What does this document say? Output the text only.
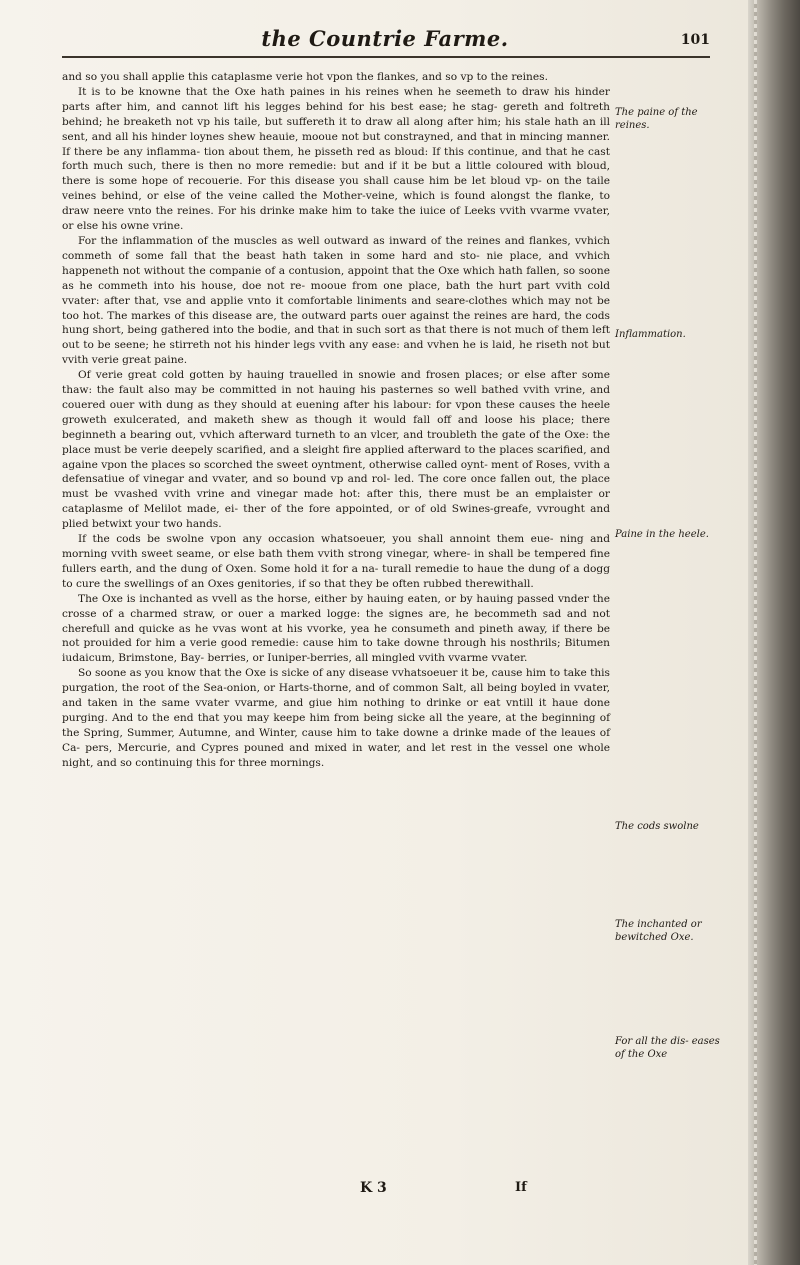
the Countrie Farme.	101

and so you shall applie this cataplasme verie hot vpon the flankes, and so vp to the reines.

It is to be knowne that the Oxe hath paines in his reines when he seemeth to draw his hinder parts after him, and cannot lift his legges behind for his best ease; he stag- gereth and foltreth behind; he breaketh not vp his taile, but suffereth it to draw all along after him; his stale hath an ill sent, and all his hinder loynes shew heauie, mooue not but constrayned, and that in mincing manner. If there be any inflamma- tion about them, he pisseth red as bloud: If this continue, and that he cast forth much such, there is then no more remedie: but and if it be but a little coloured with bloud, there is some hope of recouerie. For this disease you shall cause him be let bloud vp- on the taile veines behind, or else of the veine called the Mother-veine, which is found alongst the flanke, to draw neere vnto the reines. For his drinke make him to take the iuice of Leeks vvith vvarme vvater, or else his owne vrine.

For the inflammation of the muscles as well outward as inward of the reines and flankes, vvhich commeth of some fall that the beast hath taken in some hard and sto- nie place, and vvhich happeneth not without the companie of a contusion, appoint that the Oxe which hath fallen, so soone as he commeth into his house, doe not re- mooue from one place, bath the hurt part vvith cold vvater: after that, vse and applie vnto it comfortable liniments and seare-clothes which may not be too hot. The markes of this disease are, the outward parts ouer against the reines are hard, the cods hung short, being gathered into the bodie, and that in such sort as that there is not much of them left out to be seene; he stirreth not his hinder legs vvith any ease: and vvhen he is laid, he riseth not but vvith verie great paine.

Of verie great cold gotten by hauing trauelled in snowie and frosen places; or else after some thaw: the fault also may be committed in not hauing his pasternes so well bathed vvith vrine, and couered ouer with dung as they should at euening after his labour: for vpon these causes the heele groweth exulcerated, and maketh shew as though it would fall off and loose his place; there beginneth a bearing out, vvhich afterward turneth to an vlcer, and troubleth the gate of the Oxe: the place must be verie deepely scarified, and a sleight fire applied afterward to the places scarified, and againe vpon the places so scorched the sweet oyntment, otherwise called oynt- ment of Roses, vvith a defensatiue of vinegar and vvater, and so bound vp and rol- led. The core once fallen out, the place must be vvashed vvith vrine and vinegar made hot: after this, there must be an emplaister or cataplasme of Melilot made, ei- ther of the fore appointed, or of old Swines-greafe, vvrought and plied betwixt your two hands.

If the cods be swolne vpon any occasion whatsoeuer, you shall annoint them eue- ning and morning vvith sweet seame, or else bath them vvith strong vinegar, where- in shall be tempered fine fullers earth, and the dung of Oxen. Some hold it for a na- turall remedie to haue the dung of a dogg to cure the swellings of an Oxes genitories, if so that they be often rubbed therewithall.

The Oxe is inchanted as vvell as the horse, either by hauing eaten, or by hauing passed vnder the crosse of a charmed straw, or ouer a marked logge: the signes are, he becommeth sad and not cherefull and quicke as he vvas wont at his vvorke, yea he consumeth and pineth away, if there be not prouided for him a verie good remedie: cause him to take downe through his nosthrils; Bitumen iudaicum, Brimstone, Bay- berries, or Iuniper-berries, all mingled vvith vvarme vvater.

So soone as you know that the Oxe is sicke of any disease vvhatsoeuer it be, cause him to take this purgation, the root of the Sea-onion, or Harts-thorne, and of common Salt, all being boyled in vvater, and taken in the same vvater vvarme, and giue him nothing to drinke or eat vntill it haue done purging. And to the end that you may keepe him from being sicke all the yeare, at the beginning of the Spring, Summer, Autumne, and Winter, cause him to take downe a drinke made of the leaues of Ca- pers, Mercurie, and Cypres pouned and mixed in water, and let rest in the vessel one whole night, and so continuing this for three mornings.

The paine of the reines.
Inflammation.
Paine in the heele.
The cods swolne
The inchanted or bewitched Oxe.
For all the dis- eases of the Oxe
K 3	If
